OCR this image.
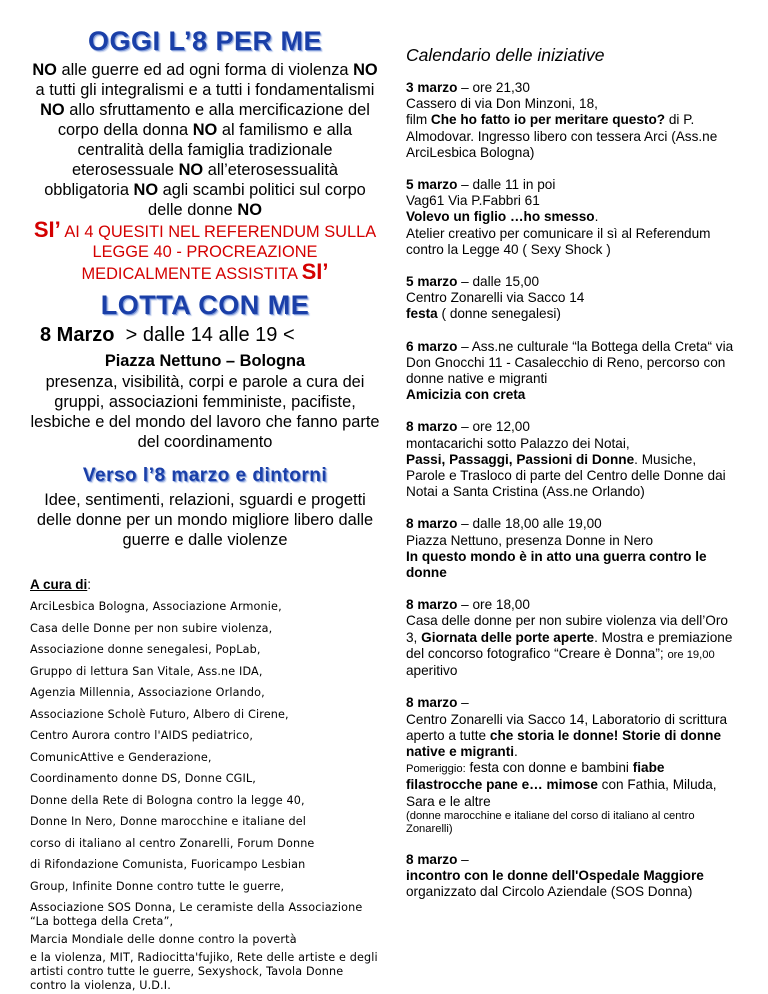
OGGI L’8 PER ME
NO alle guerre ed ad ogni forma di violenza NO a tutti gli integralismi e a tutti i fondamentalismi NO allo sfruttamento e alla mercificazione del corpo della donna NO al familismo e alla centralità della famiglia tradizionale eterosessuale NO all’eterosessualità obbligatoria NO agli scambi politici sul corpo delle donne NO
SI’ AI 4 QUESITI NEL REFERENDUM SULLA LEGGE 40 - PROCREAZIONE MEDICALMENTE ASSISTITA SI’
LOTTA CON ME
8 Marzo > dalle 14 alle 19 <
Piazza Nettuno – Bologna
presenza, visibilità, corpi e parole a cura dei gruppi, associazioni femministe, pacifiste, lesbiche e del mondo del lavoro che fanno parte del coordinamento
Verso l’8 marzo e dintorni
Idee, sentimenti, relazioni, sguardi e progetti delle donne per un mondo migliore libero dalle guerre e dalle violenze
A cura di:
ArciLesbica Bologna, Associazione Armonie,
Casa delle Donne per non subire violenza,
Associazione donne senegalesi, PopLab,
Gruppo di lettura San Vitale, Ass.ne IDA,
Agenzia Millennia, Associazione Orlando,
Associazione Scholè Futuro, Albero di Cirene,
Centro Aurora contro l'AIDS pediatrico,
ComunicAttive e Genderazione,
Coordinamento donne DS, Donne CGIL,
Donne della Rete di Bologna contro la legge 40,
Donne In Nero, Donne marocchine e italiane del
corso di italiano al centro Zonarelli, Forum Donne
di Rifondazione Comunista, Fuoricampo Lesbian
Group, Infinite Donne contro tutte le guerre,
Associazione SOS Donna, Le ceramiste della Associazione “La bottega della Creta”,
Marcia Mondiale delle donne contro la povertà
e la violenza, MIT, Radiocitta'fujiko, Rete delle artiste e degli artisti contro tutte le guerre, Sexyshock, Tavola Donne contro la violenza, U.D.I.
Calendario delle iniziative
3 marzo – ore 21,30
Cassero di via Don Minzoni, 18,
film Che ho fatto io per meritare questo? di P. Almodovar. Ingresso libero con tessera Arci (Ass.ne ArciLesbica Bologna)
5 marzo – dalle 11 in poi
Vag61 Via P.Fabbri 61
Volevo un figlio …ho smesso.
Atelier creativo per comunicare il sì al Referendum contro la Legge 40 ( Sexy Shock )
5 marzo – dalle 15,00
Centro Zonarelli via Sacco 14
festa ( donne senegalesi)
6 marzo – Ass.ne culturale “la Bottega della Creta“ via Don Gnocchi 11 - Casalecchio di Reno, percorso con donne native e migranti
Amicizia con creta
8 marzo – ore 12,00
montacarichi sotto Palazzo dei Notai,
Passi, Passaggi, Passioni di Donne. Musiche, Parole e Trasloco di parte del Centro delle Donne dai Notai a Santa Cristina (Ass.ne Orlando)
8 marzo – dalle 18,00 alle 19,00
Piazza Nettuno, presenza Donne in Nero
In questo mondo è in atto una guerra contro le donne
8 marzo – ore 18,00
Casa delle donne per non subire violenza via dell’Oro 3, Giornata delle porte aperte. Mostra e premiazione del concorso fotografico “Creare è Donna”; ore 19,00 aperitivo
8 marzo –
Centro Zonarelli via Sacco 14, Laboratorio di scrittura aperto a tutte che storia le donne! Storie di donne native e migranti.
Pomeriggio: festa con donne e bambini fiabe filastrocche pane e… mimose con Fathia, Miluda, Sara e le altre
(donne marocchine e italiane del corso di italiano al centro Zonarelli)
8 marzo –
incontro con le donne dell'Ospedale Maggiore organizzato dal Circolo Aziendale (SOS Donna)
